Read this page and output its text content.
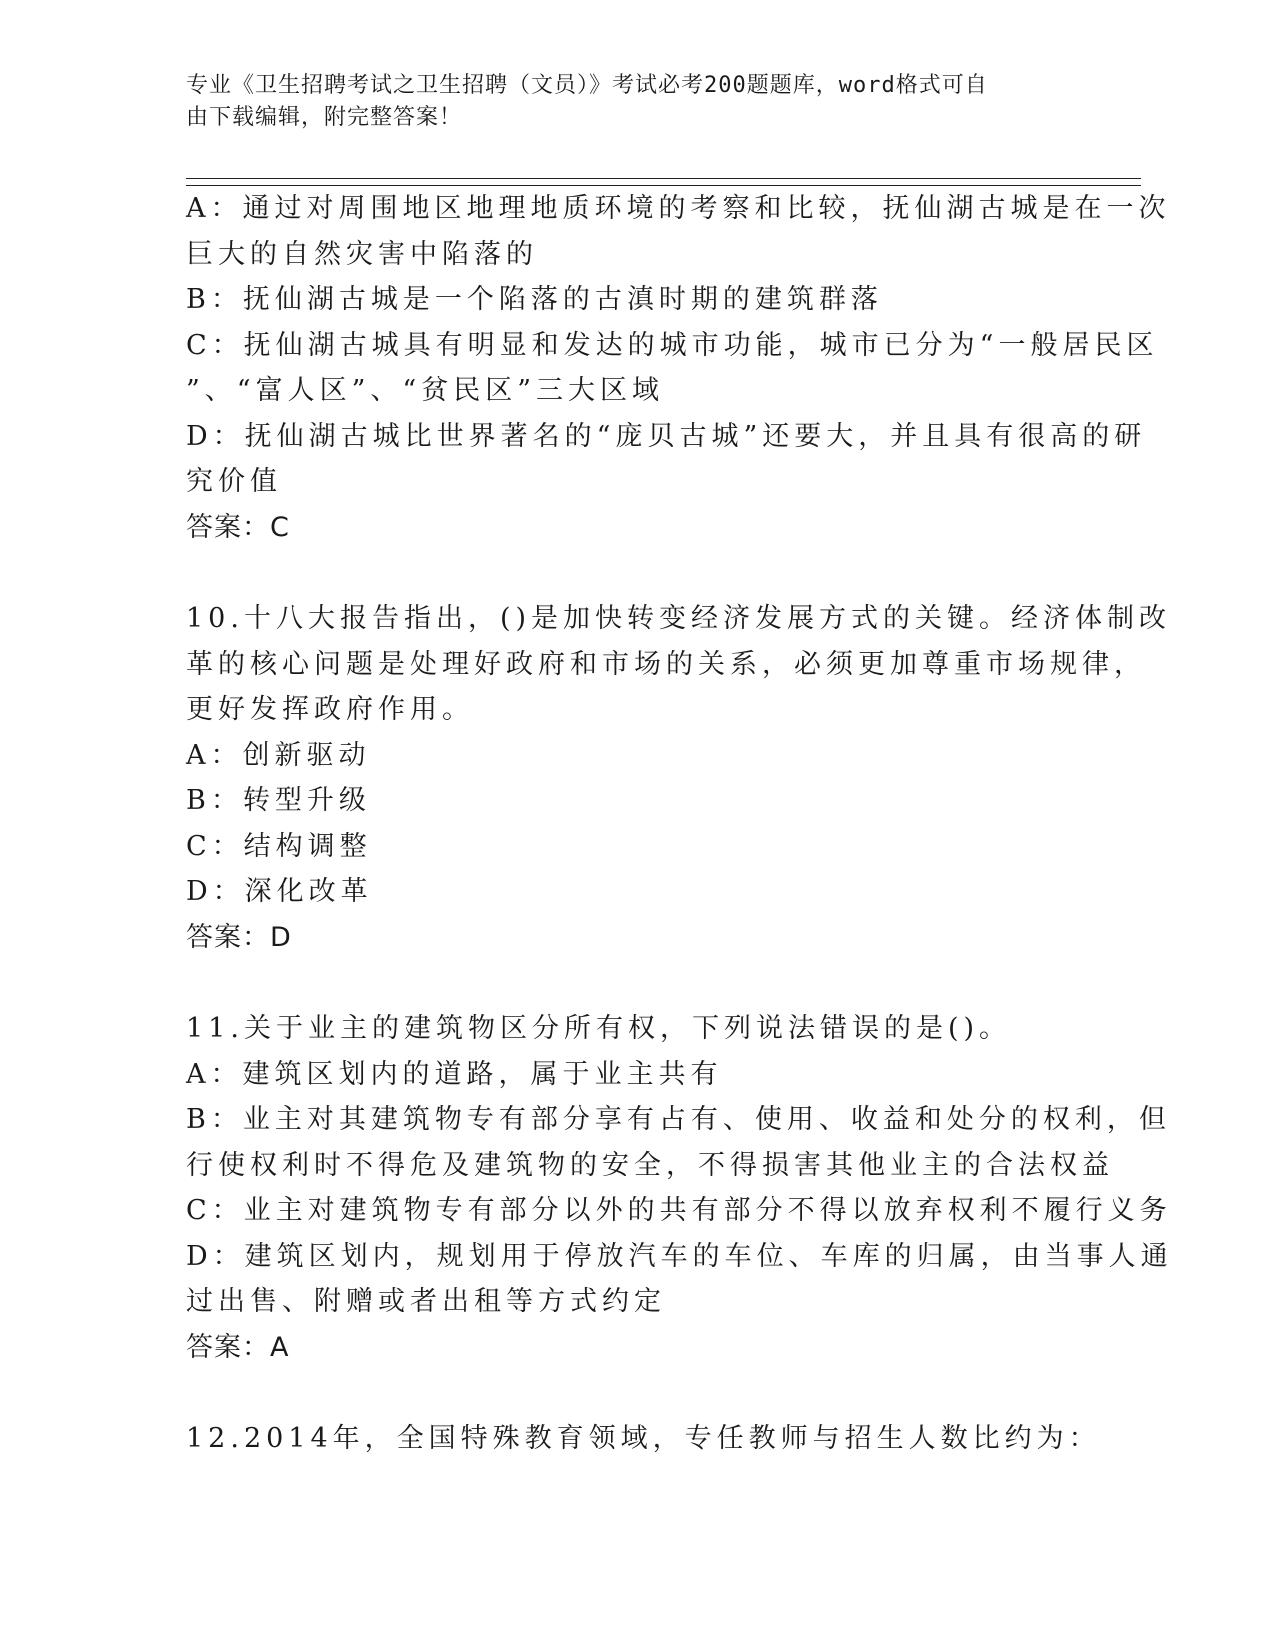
专业《卫生招聘考试之卫生招聘（文员）》考试必考200题题库，word格式可自
由下载编辑，附完整答案！
A：通过对周围地区地理地质环境的考察和比较，抚仙湖古城是在一次
巨大的自然灾害中陷落的
B：抚仙湖古城是一个陷落的古滇时期的建筑群落
C：抚仙湖古城具有明显和发达的城市功能，城市已分为“一般居民区
”、“富人区”、“贫民区”三大区域
D：抚仙湖古城比世界著名的“庞贝古城”还要大，并且具有很高的研
究价值
答案：C
10.十八大报告指出，()是加快转变经济发展方式的关键。经济体制改
革的核心问题是处理好政府和市场的关系，必须更加尊重市场规律，
更好发挥政府作用。
A：创新驱动
B：转型升级
C：结构调整
D：深化改革
答案：D
11.关于业主的建筑物区分所有权，下列说法错误的是()。
A：建筑区划内的道路，属于业主共有
B：业主对其建筑物专有部分享有占有、使用、收益和处分的权利，但
行使权利时不得危及建筑物的安全，不得损害其他业主的合法权益
C：业主对建筑物专有部分以外的共有部分不得以放弃权利不履行义务
D：建筑区划内，规划用于停放汽车的车位、车库的归属，由当事人通
过出售、附赠或者出租等方式约定
答案：A
12.2014年，全国特殊教育领域，专任教师与招生人数比约为：
